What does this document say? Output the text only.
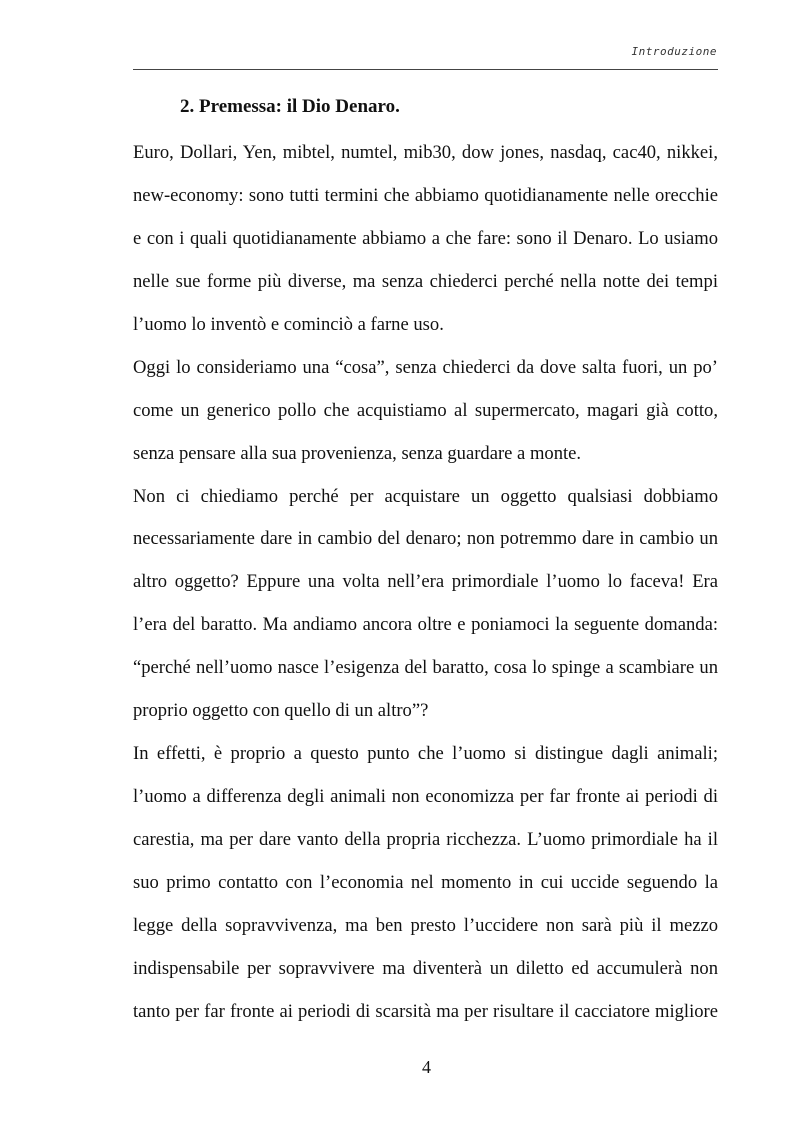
Introduzione
2. Premessa: il Dio Denaro.
Euro, Dollari, Yen, mibtel, numtel, mib30, dow jones, nasdaq, cac40, nikkei,
new-economy: sono tutti termini che abbiamo quotidianamente nelle orecchie
e con i quali quotidianamente abbiamo a che fare: sono il Denaro. Lo usiamo
nelle sue forme più diverse, ma senza chiederci perché nella notte dei tempi
l’uomo lo inventò e cominciò a farne uso.
Oggi lo consideriamo una “cosa”, senza chiederci da dove salta fuori, un po’
come un generico pollo che acquistiamo al supermercato, magari già cotto,
senza pensare alla sua provenienza, senza guardare a monte.
Non ci chiediamo perché per acquistare un oggetto qualsiasi dobbiamo
necessariamente dare in cambio del denaro; non potremmo dare in cambio un
altro oggetto? Eppure una volta nell’era primordiale l’uomo lo faceva! Era
l’era del baratto. Ma andiamo ancora oltre e poniamoci la seguente domanda:
“perché nell’uomo nasce l’esigenza del baratto, cosa lo spinge a scambiare un
proprio oggetto con quello di un altro”?
In effetti, è proprio a questo punto che l’uomo si distingue dagli animali;
l’uomo a differenza degli animali non economizza per far fronte ai periodi di
carestia, ma per dare vanto della propria ricchezza. L’uomo primordiale ha il
suo primo contatto con l’economia nel momento in cui uccide seguendo la
legge della sopravvivenza, ma ben presto l’uccidere non sarà più il mezzo
indispensabile per sopravvivere ma diventerà un diletto ed accumulerà non
tanto per far fronte ai periodi di scarsità ma per risultare il cacciatore migliore
4
